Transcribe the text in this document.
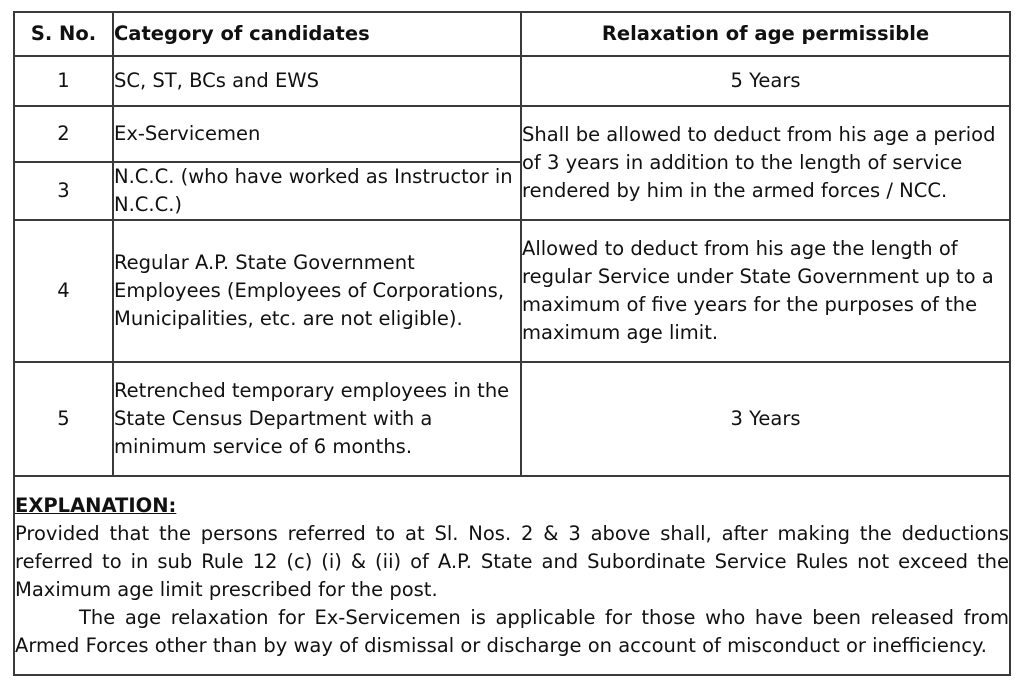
S. No.	Category of candidates	Relaxation of age permissible
1	SC, ST, BCs and EWS	5 Years
2	Ex-Servicemen	Shall be allowed to deduct from his age a period of 3 years in addition to the length of service rendered by him in the armed forces / NCC.
3	N.C.C. (who have worked as Instructor in N.C.C.)	
4	Regular A.P. State Government Employees (Employees of Corporations, Municipalities, etc. are not eligible).	Allowed to deduct from his age the length of regular Service under State Government up to a maximum of five years for the purposes of the maximum age limit.
5	Retrenched temporary employees in the State Census Department with a minimum service of 6 months.	3 Years
EXPLANATION:

Provided that the persons referred to at Sl. Nos. 2 & 3 above shall, after making the deductions referred to in sub Rule 12 (c) (i) & (ii) of A.P. State and Subordinate Service Rules not exceed the Maximum age limit prescribed for the post.

The age relaxation for Ex-Servicemen is applicable for those who have been released from Armed Forces other than by way of dismissal or discharge on account of misconduct or inefficiency.		
